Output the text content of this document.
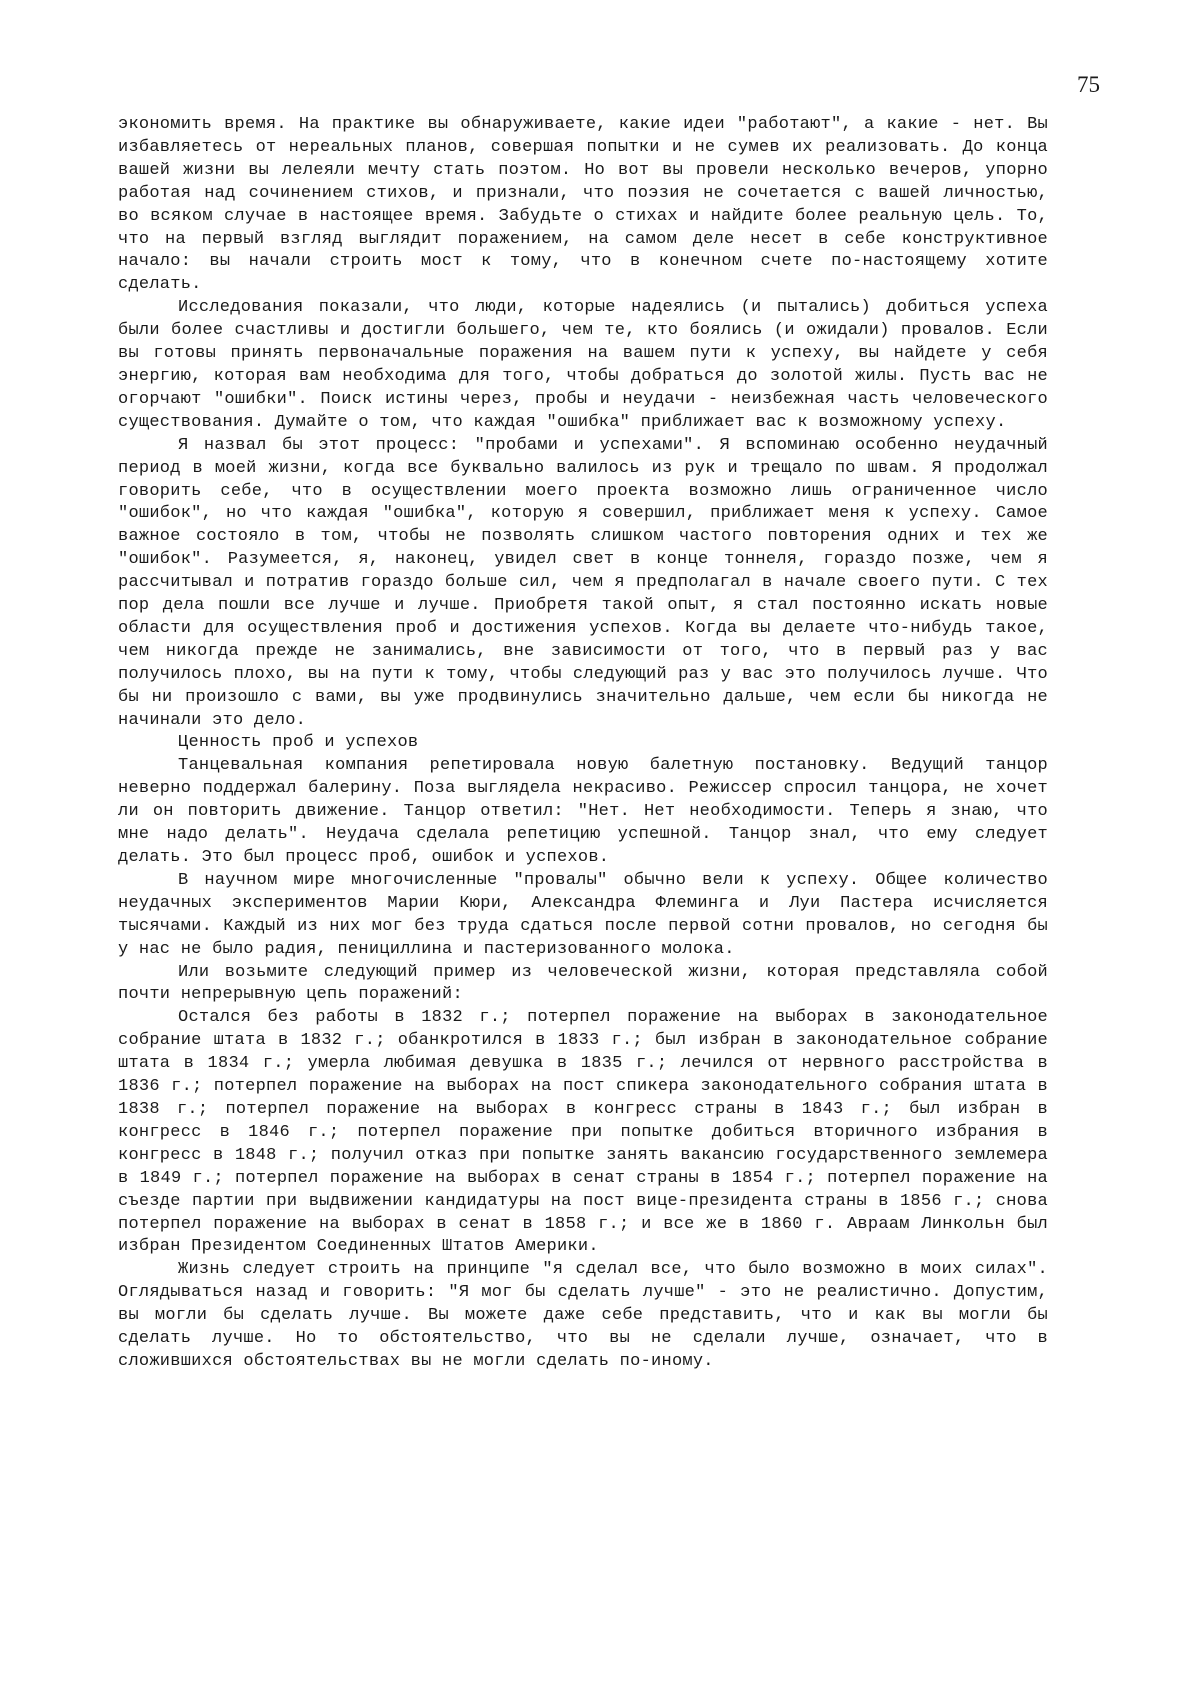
75

экономить время. На практике вы обнаруживаете, какие идеи "работают", а какие - нет. Вы избавляетесь от нереальных планов, совершая попытки и не сумев их реализовать. До конца вашей жизни вы лелеяли мечту стать поэтом. Но вот вы провели несколько вечеров, упорно работая над сочинением стихов, и признали, что поэзия не сочетается с вашей личностью, во всяком случае в настоящее время. Забудьте о стихах и найдите более реальную цель. То, что на первый взгляд выглядит поражением, на самом деле несет в себе конструктивное начало: вы начали строить мост к тому, что в конечном счете по-настоящему хотите сделать.

Исследования показали, что люди, которые надеялись (и пытались) добиться успеха были более счастливы и достигли большего, чем те, кто боялись (и ожидали) провалов. Если вы готовы принять первоначальные поражения на вашем пути к успеху, вы найдете у себя энергию, которая вам необходима для того, чтобы добраться до золотой жилы. Пусть вас не огорчают "ошибки". Поиск истины через, пробы и неудачи - неизбежная часть человеческого существования. Думайте о том, что каждая "ошибка" приближает вас к возможному успеху.

Я назвал бы этот процесс: "пробами и успехами". Я вспоминаю особенно неудачный период в моей жизни, когда все буквально валилось из рук и трещало по швам. Я продолжал говорить себе, что в осуществлении моего проекта возможно лишь ограниченное число "ошибок", но что каждая "ошибка", которую я совершил, приближает меня к успеху. Самое важное состояло в том, чтобы не позволять слишком частого повторения одних и тех же "ошибок". Разумеется, я, наконец, увидел свет в конце тоннеля, гораздо позже, чем я рассчитывал и потратив гораздо больше сил, чем я предполагал в начале своего пути. С тех пор дела пошли все лучше и лучше. Приобретя такой опыт, я стал постоянно искать новые области для осуществления проб и достижения успехов. Когда вы делаете что-нибудь такое, чем никогда прежде не занимались, вне зависимости от того, что в первый раз у вас получилось плохо, вы на пути к тому, чтобы следующий раз у вас это получилось лучше. Что бы ни произошло с вами, вы уже продвинулись значительно дальше, чем если бы никогда не начинали это дело.

Ценность проб и успехов

Танцевальная компания репетировала новую балетную постановку. Ведущий танцор неверно поддержал балерину. Поза выглядела некрасиво. Режиссер спросил танцора, не хочет ли он повторить движение. Танцор ответил: "Нет. Нет необходимости. Теперь я знаю, что мне надо делать". Неудача сделала репетицию успешной. Танцор знал, что ему следует делать. Это был процесс проб, ошибок и успехов.

В научном мире многочисленные "провалы" обычно вели к успеху. Общее количество неудачных экспериментов Марии Кюри, Александра Флеминга и Луи Пастера исчисляется тысячами. Каждый из них мог без труда сдаться после первой сотни провалов, но сегодня бы у нас не было радия, пенициллина и пастеризованного молока.

Или возьмите следующий пример из человеческой жизни, которая представляла собой почти непрерывную цепь поражений:

Остался без работы в 1832 г.; потерпел поражение на выборах в законодательное собрание штата в 1832 г.; обанкротился в 1833 г.; был избран в законодательное собрание штата в 1834 г.; умерла любимая девушка в 1835 г.; лечился от нервного расстройства в 1836 г.; потерпел поражение на выборах на пост спикера законодательного собрания штата в 1838 г.; потерпел поражение на выборах в конгресс страны в 1843 г.; был избран в конгресс в 1846 г.; потерпел поражение при попытке добиться вторичного избрания в конгресс в 1848 г.; получил отказ при попытке занять вакансию государственного землемера в 1849 г.; потерпел поражение на выборах в сенат страны в 1854 г.; потерпел поражение на съезде партии при выдвижении кандидатуры на пост вице-президента страны в 1856 г.; снова потерпел поражение на выборах в сенат в 1858 г.; и все же в 1860 г. Авраам Линкольн был избран Президентом Соединенных Штатов Америки.

Жизнь следует строить на принципе "я сделал все, что было возможно в моих силах". Оглядываться назад и говорить: "Я мог бы сделать лучше" - это не реалистично. Допустим, вы могли бы сделать лучше. Вы можете даже себе представить, что и как вы могли бы сделать лучше. Но то обстоятельство, что вы не сделали лучше, означает, что в сложившихся обстоятельствах вы не могли сделать по-иному.
